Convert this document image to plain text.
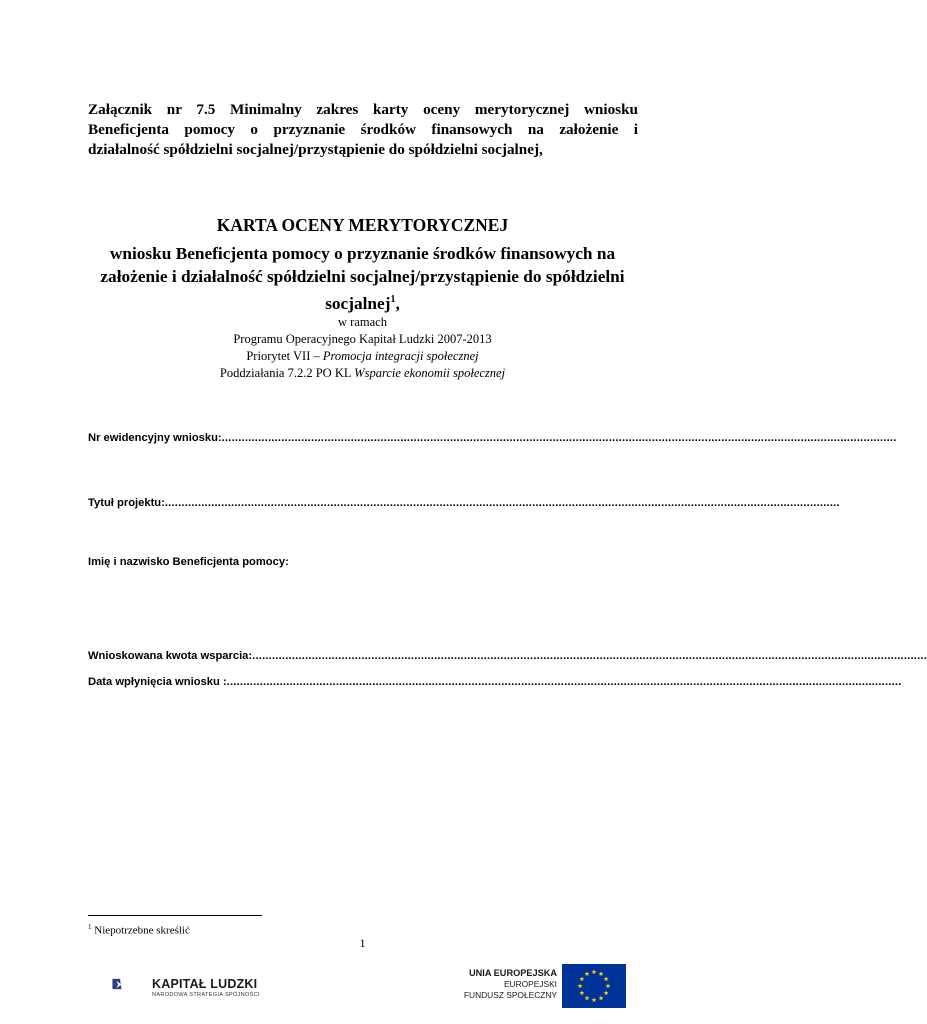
Załącznik nr 7.5 Minimalny zakres karty oceny merytorycznej wniosku
Beneficjenta pomocy o przyznanie środków finansowych na założenie i
działalność spółdzielni socjalnej/przystąpienie do spółdzielni socjalnej,
KARTA OCENY MERYTORYCZNEJ
wniosku Beneficjenta pomocy o przyznanie środków finansowych na
założenie i działalność spółdzielni socjalnej/przystąpienie do spółdzielni
socjalnej$^1$,
w ramach
Programu Operacyjnego Kapitał Ludzki 2007-2013
Priorytet VII – Promocja integracji społecznej
Poddziałania 7.2.2 PO KL Wsparcie ekonomii społecznej
Nr ewidencyjny wniosku: ............................................................................................................................................................................................................
Tytuł projektu: ............................................................................................................................................................................................................
Imię i nazwisko Beneficjenta pomocy:
Wnioskowana kwota wsparcia: ............................................................................................................................................................................................................
Data wpłynięcia wniosku : ............................................................................................................................................................................................................
$^1$ Niepotrzebne skreślić
1
KAPITAŁ LUDZKI
NARODOWA STRATEGIA SPÓJNOŚCI
UNIA EUROPEJSKA
EUROPEJSKI
FUNDUSZ SPOŁECZNY
